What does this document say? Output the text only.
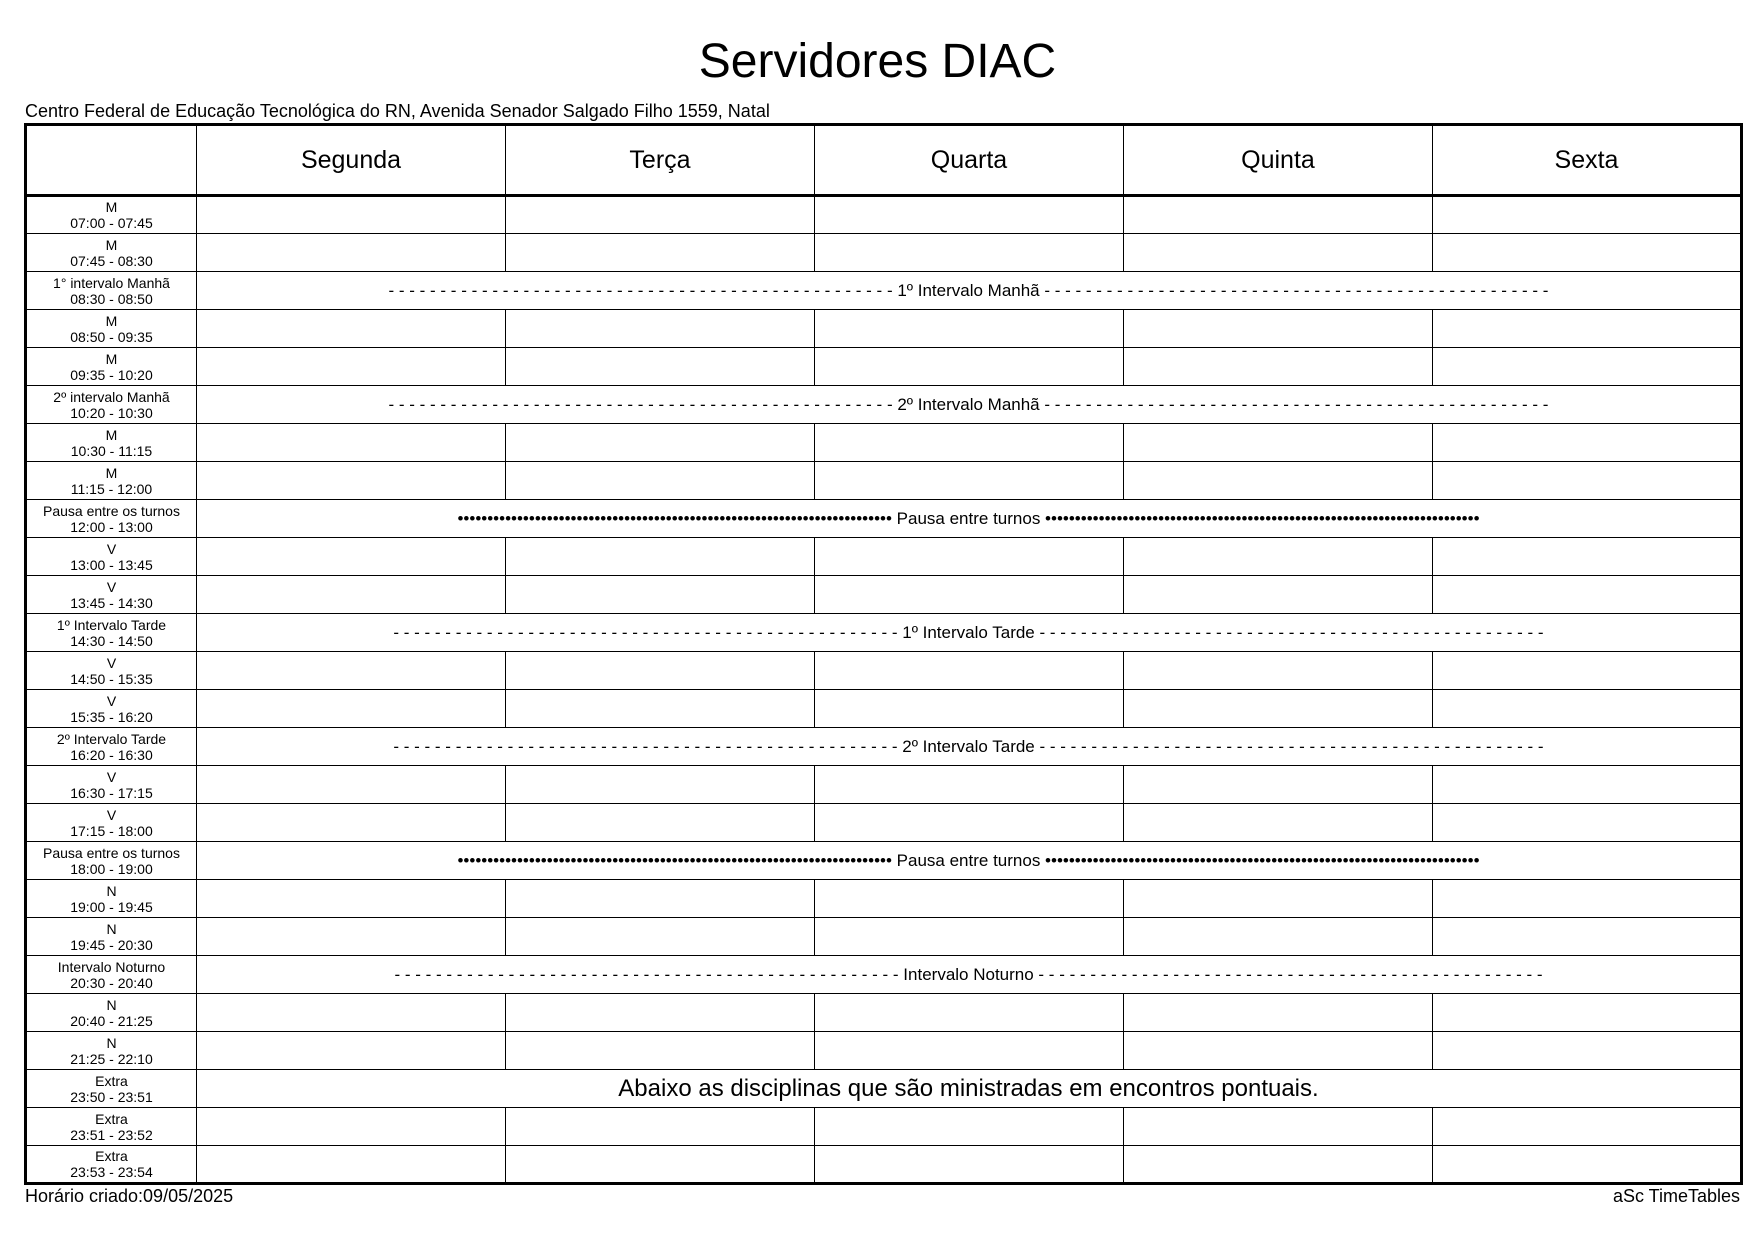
Servidores DIAC
Centro Federal de Educação Tecnológica do RN, Avenida Senador Salgado Filho 1559, Natal
	Segunda	Terça	Quarta	Quinta	Sexta

M
07:00 - 07:45					

M
07:45 - 08:30					

1° intervalo Manhã
08:30 - 08:50	- - - - - - - - - - - - - - - - - - - - - - - - - - - - - - - - - - - - - - - - - - - - - - - - - 1º Intervalo Manhã - - - - - - - - - - - - - - - - - - - - - - - - - - - - - - - - - - - - - - - - - - - - - - - - -				

M
08:50 - 09:35					

M
09:35 - 10:20					

2º intervalo Manhã
10:20 - 10:30	- - - - - - - - - - - - - - - - - - - - - - - - - - - - - - - - - - - - - - - - - - - - - - - - - 2º Intervalo Manhã - - - - - - - - - - - - - - - - - - - - - - - - - - - - - - - - - - - - - - - - - - - - - - - - -				

M
10:30 - 11:15					

M
11:15 - 12:00					

Pausa entre os turnos
12:00 - 13:00	••••••••••••••••••••••••••••••••••••••••••••••••••••••••••••••••••••••••• Pausa entre turnos •••••••••••••••••••••••••••••••••••••••••••••••••••••••••••••••••••••••••				

V
13:00 - 13:45					

V
13:45 - 14:30					

1º Intervalo Tarde
14:30 - 14:50	- - - - - - - - - - - - - - - - - - - - - - - - - - - - - - - - - - - - - - - - - - - - - - - - - 1º Intervalo Tarde - - - - - - - - - - - - - - - - - - - - - - - - - - - - - - - - - - - - - - - - - - - - - - - - -				

V
14:50 - 15:35					

V
15:35 - 16:20					

2º Intervalo Tarde
16:20 - 16:30	- - - - - - - - - - - - - - - - - - - - - - - - - - - - - - - - - - - - - - - - - - - - - - - - - 2º Intervalo Tarde - - - - - - - - - - - - - - - - - - - - - - - - - - - - - - - - - - - - - - - - - - - - - - - - -				

V
16:30 - 17:15					

V
17:15 - 18:00					

Pausa entre os turnos
18:00 - 19:00	••••••••••••••••••••••••••••••••••••••••••••••••••••••••••••••••••••••••• Pausa entre turnos •••••••••••••••••••••••••••••••••••••••••••••••••••••••••••••••••••••••••				

N
19:00 - 19:45					

N
19:45 - 20:30					

Intervalo Noturno
20:30 - 20:40	- - - - - - - - - - - - - - - - - - - - - - - - - - - - - - - - - - - - - - - - - - - - - - - - - Intervalo Noturno - - - - - - - - - - - - - - - - - - - - - - - - - - - - - - - - - - - - - - - - - - - - - - - - -				

N
20:40 - 21:25					

N
21:25 - 22:10					

Extra
23:50 - 23:51	Abaixo as disciplinas que são ministradas em encontros pontuais.				

Extra
23:51 - 23:52					

Extra
23:53 - 23:54					

Horário criado:09/05/2025	aSc TimeTables
